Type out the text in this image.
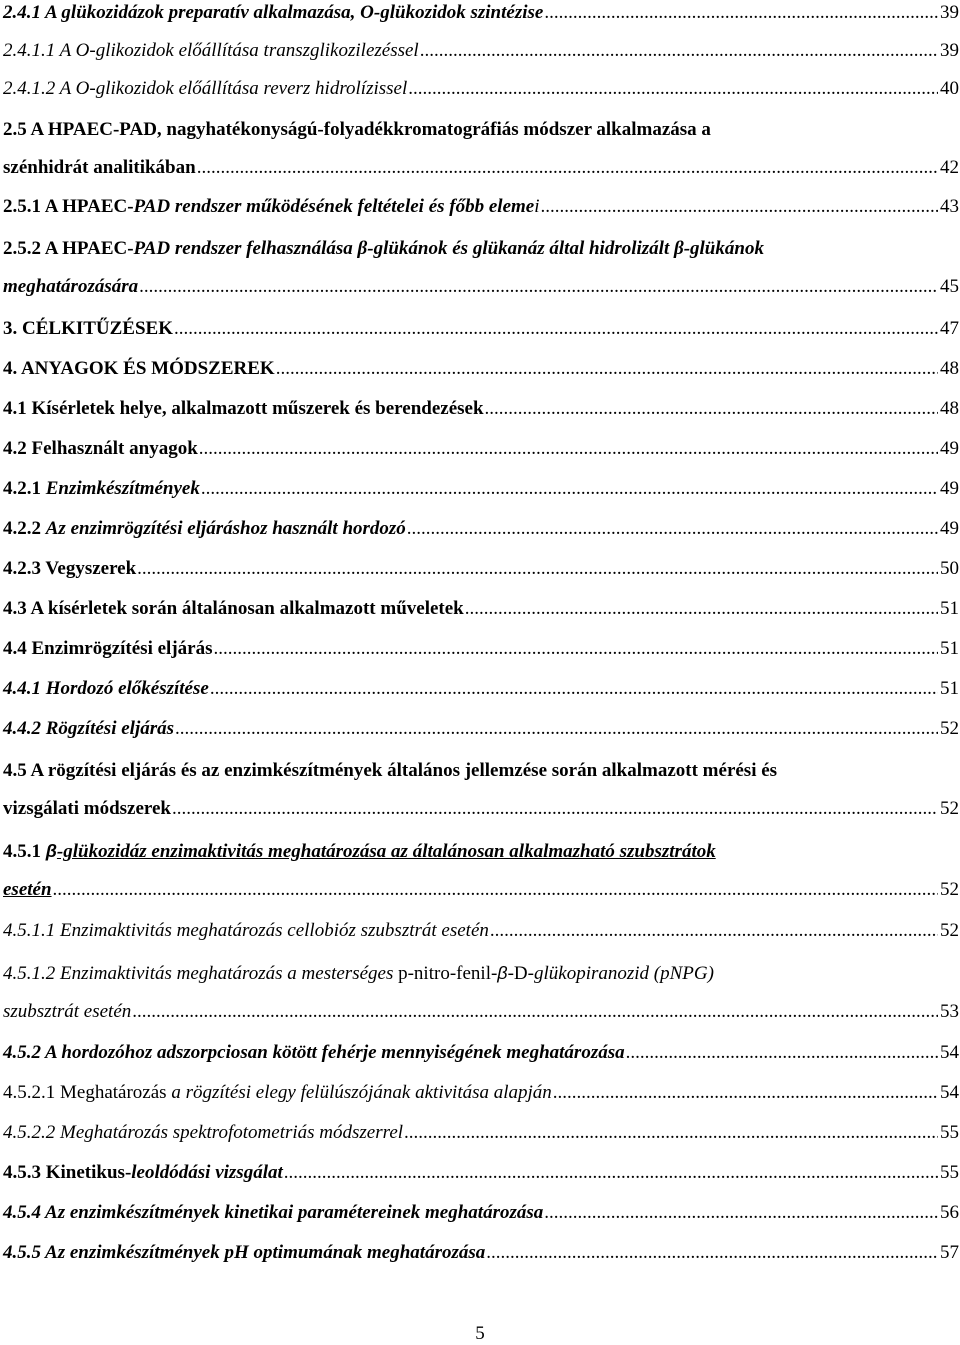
2.4.1 A glükozidázok preparatív alkalmazása, O-glükozidok szintézise .....	39
2.4.1.1 A O-glikozidok előállítása transzglikozilezéssel .....	39
2.4.1.2 A O-glikozidok előállítása reverz hidrolízissel .....	40
2.5 A HPAEC-PAD, nagyhatékonyságú-folyadékkromatográfiás módszer alkalmazása a
szénhidrát analitikában .....	42
2.5.1 A HPAEC-PAD rendszer működésének feltételei és főbb elemei .....	43
2.5.2 A HPAEC-PAD rendszer felhasználása β-glükánok és glükanáz által hidrolizált β-glükánok
meghatározására .....	45
3. CÉLKITŰZÉSEK .....	47
4. ANYAGOK ÉS MÓDSZEREK .....	48
4.1 Kísérletek helye, alkalmazott műszerek és berendezések .....	48
4.2 Felhasznált anyagok .....	49
4.2.1 Enzimkészítmények .....	49
4.2.2 Az enzimrögzítési eljáráshoz használt hordozó .....	49
4.2.3 Vegyszerek .....	50
4.3 A kísérletek során általánosan alkalmazott műveletek .....	51
4.4 Enzimrögzítési eljárás .....	51
4.4.1 Hordozó előkészítése .....	51
4.4.2 Rögzítési eljárás .....	52
4.5 A rögzítési eljárás és az enzimkészítmények általános jellemzése során alkalmazott mérési és
vizsgálati módszerek .....	52
4.5.1 β-glükozidáz enzimaktivitás meghatározása az általánosan alkalmazható szubsztrátok
esetén .....	52
4.5.1.1 Enzimaktivitás meghatározás cellobióz szubsztrát esetén .....	52
4.5.1.2 Enzimaktivitás meghatározás a mesterséges p-nitro-fenil-β-D-glükopiranozid (pNPG)
szubsztrát esetén .....	53
4.5.2 A hordozóhoz adszorpciosan kötött fehérje mennyiségének meghatározása .....	54
4.5.2.1 Meghatározás a rögzítési elegy felülúszójának aktivitása alapján .....	54
4.5.2.2 Meghatározás spektrofotometriás módszerrel .....	55
4.5.3 Kinetikus-leoldódási vizsgálat .....	55
4.5.4 Az enzimkészítmények kinetikai paramétereinek meghatározása .....	56
4.5.5 Az enzimkészítmények pH optimumának meghatározása .....	57
5
